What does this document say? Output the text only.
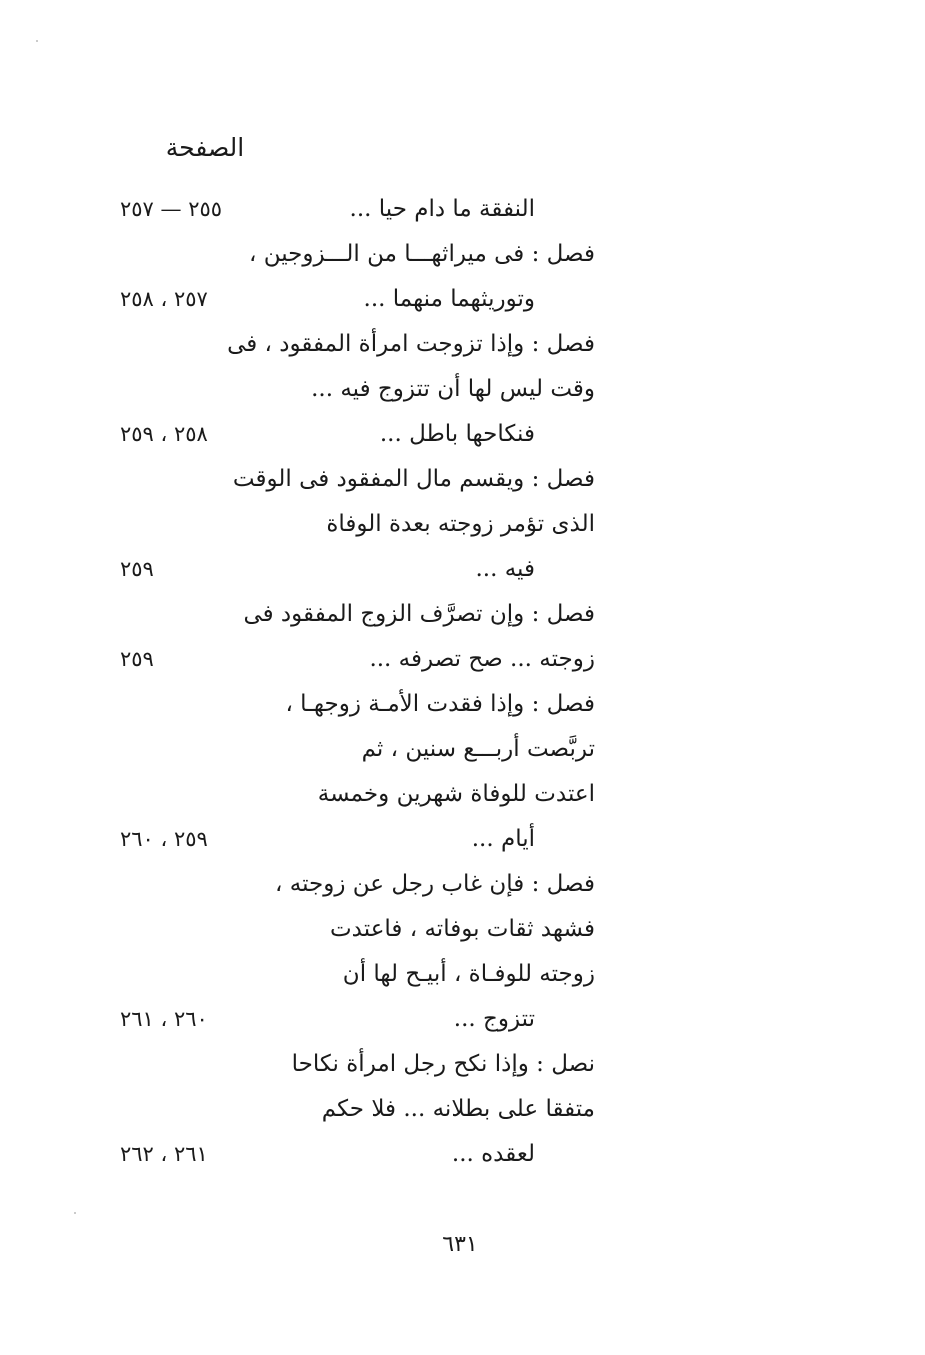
الصفحة
النفقة ما دام حيا ...
٢٥٥ — ٢٥٧
فصل : فى ميراثهـــا من الـــزوجين ،
وتوريثهما منهما ...
٢٥٧ ، ٢٥٨
فصل : وإذا تزوجت امرأة المفقود ، فى
وقت ليس لها أن تتزوج فيه ...
فنكاحها باطل ...
٢٥٨ ، ٢٥٩
فصل : ويقسم مال المفقود فى الوقت
الذى تؤمر زوجته بعدة الوفاة
فيه ...
٢٥٩
فصل : وإن تصرَّف الزوج المفقود فى
زوجته ... صح تصرفه ...
٢٥٩
فصل : وإذا فقدت الأمـة زوجهـا ،
تربَّصت أربـــع سنين ، ثم
اعتدت للوفاة شهرين وخمسة
أيام ...
٢٥٩ ، ٢٦٠
فصل : فإن غاب رجل عن زوجته ،
فشهد ثقات بوفاته ، فاعتدت
زوجته للوفـاة ، أبيـح لها أن
تتزوج ...
٢٦٠ ، ٢٦١
نصل : وإذا نكح رجل امرأة نكاحا
متفقا على بطلانه ... فلا حكم
لعقده ...
٢٦١ ، ٢٦٢
٦٣١
